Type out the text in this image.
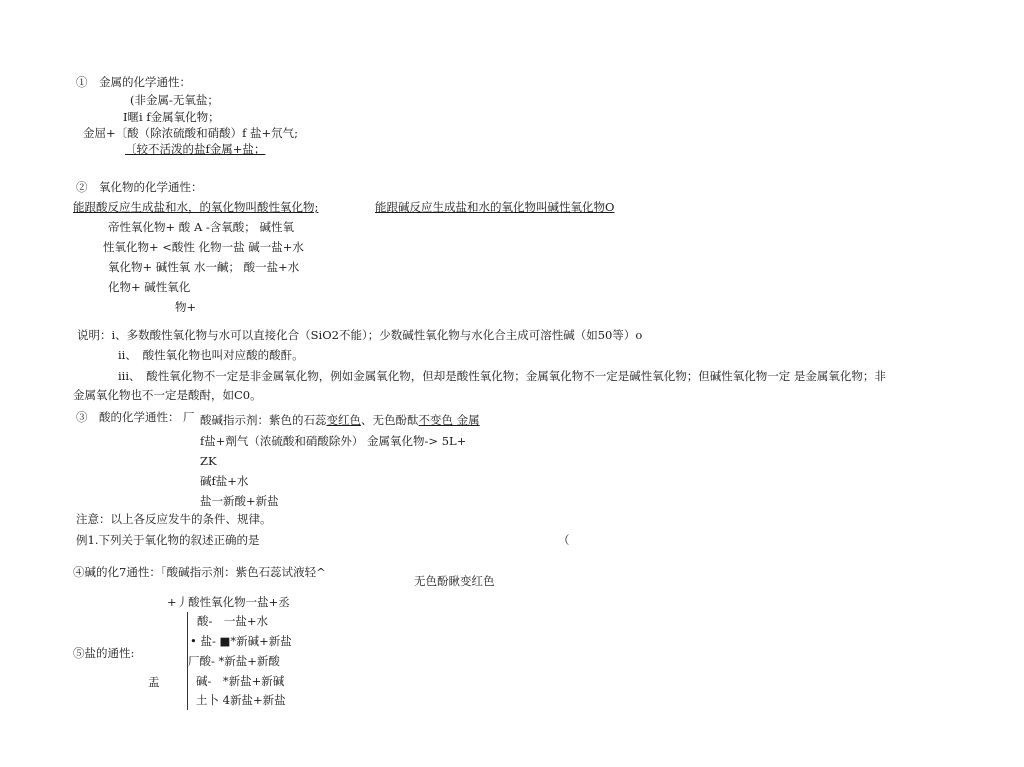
①　金属的化学通性：
(非金属-无氧盐；
I暱i f金属氧化物；
金屈+〔酸（除浓硫酸和硝酸）f 盐+氘气;
〔较不活泼的盐f金属+盐；
②　氧化物的化学通性：
能跟酸反应生成盐和水，的氧化物叫酸性氧化物;	能跟碱反应生成盐和水的氧化物叫碱性氧化物O
帝性氧化物+ 酸 A -含氧酸； 碱性氧
性氧化物+ <酸性 化物一盐 碱一盐+水
氧化物+ 碱性氧 水一鹹； 酸一盐+水
化物+ 碱性氧化
物+
说明：i、多数酸性氧化物与水可以直接化合（SiO2不能）；少数碱性氧化物与水化合主成可溶性碱（如50等）o
ii、　酸性氧化物也叫对应酸的酸酐。
iii、　酸性氧化物不一定是非金属氧化物，例如金属氧化物，但却是酸性氧化物；金属氧化物不一定是碱性氧化物；但碱性氧化物一定 是金属氧化物；非
金属氧化物也不一定是酸酎，如C0。
③　酸的化学通性： 厂 酸碱指示剂：紫色的石蕊变红色、无色酚酞不变色 金属
f盐+劑气（浓硫酸和硝酸除外） 金属氧化物-> 5L+
ZK
碱f盐+水
盐一新酸+新盐
注意：以上各反应发牛的条件、规律。
例1.下列关于氧化物的叙述正确的是	（
④碱的化7通性：「酸碱指示剂：紫色石蕊试液轻^
无色酚瞅变红色
+丿酸性氧化物一盐+丞
酸-　一盐+水
• 盐- ■*新碱+新盐
⑤盐的通性:
厂酸- *新盐+新酸
碱-　*新盐+新碱
盂
土卜 4新盐+新盐
